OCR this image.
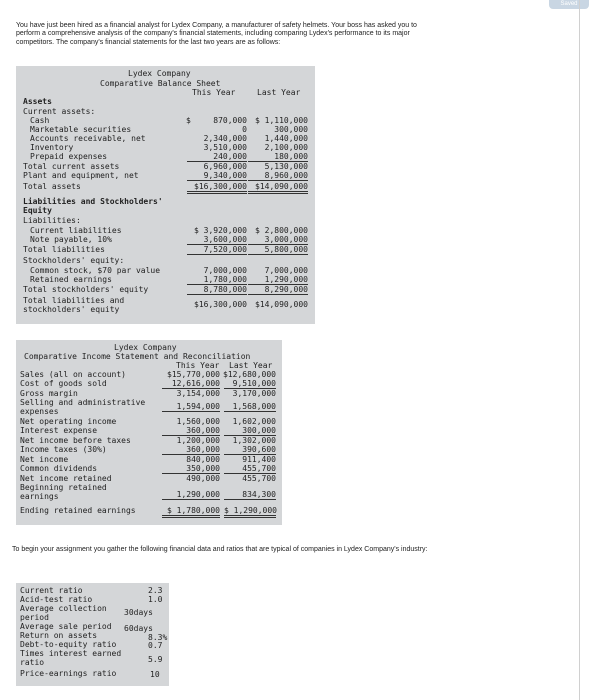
Saved
You have just been hired as a financial analyst for Lydex Company, a manufacturer of safety helmets. Your boss has asked you to perform a comprehensive analysis of the company's financial statements, including comparing Lydex's performance to its major competitors. The company's financial statements for the last two years are as follows:
Lydex Company
Comparative Balance Sheet
This Year	Last Year
Assets
Current assets:
Cash	$	870,000 $ 1,110,000
Marketable securities	0	300,000
Accounts receivable, net	2,340,000 1,440,000
Inventory	3,510,000 2,100,000
Prepaid expenses	240,000	180,000
Total current assets	6,960,000 5,130,000
Plant and equipment, net	9,340,000	8,960,000
Total assets	$16,300,000	$14,090,000
Liabilities and Stockholders' Equity
Liabilities:
Current liabilities	$ 3,920,000 $ 2,800,000
Note payable, 10%	3,600,000	3,000,000
Total liabilities	7,520,000	5,800,000
Stockholders' equity:
Common stock, $70 par value	7,000,000 7,000,000
Retained earnings	1,780,000	1,290,000
Total stockholders' equity	8,780,000	8,290,000
Total liabilities and stockholders' equity
$16,300,000 $14,090,000
Lydex Company
Comparative Income Statement and Reconciliation
This Year Last Year
Sales (all on account)	$15,770,000 $12,680,000
Cost of goods sold	12,616,000	9,510,000
Gross margin	3,154,000 3,170,000
Selling and administrative expenses
1,594,000	1,568,000
Net operating income	1,560,000 1,602,000
Interest expense	360,000	300,000
Net income before taxes	1,200,000 1,302,000
Income taxes (30%)	360,000	390,600
Net income	840,000	911,400
Common dividends	350,000	455,700
Net income retained	490,000	455,700
Beginning retained earnings	1,290,000	834,300
Ending retained earnings	$ 1,780,000 $ 1,290,000
To begin your assignment you gather the following financial data and ratios that are typical of companies in Lydex Company's industry:
Current ratio	2.3
Acid-test ratio	1.0
Average collection period
30days
Average sale period 60days
Return on assets	8.3%
Debt-to-equity ratio	0.7
Times interest earned ratio	5.9
Price-earnings ratio	10
